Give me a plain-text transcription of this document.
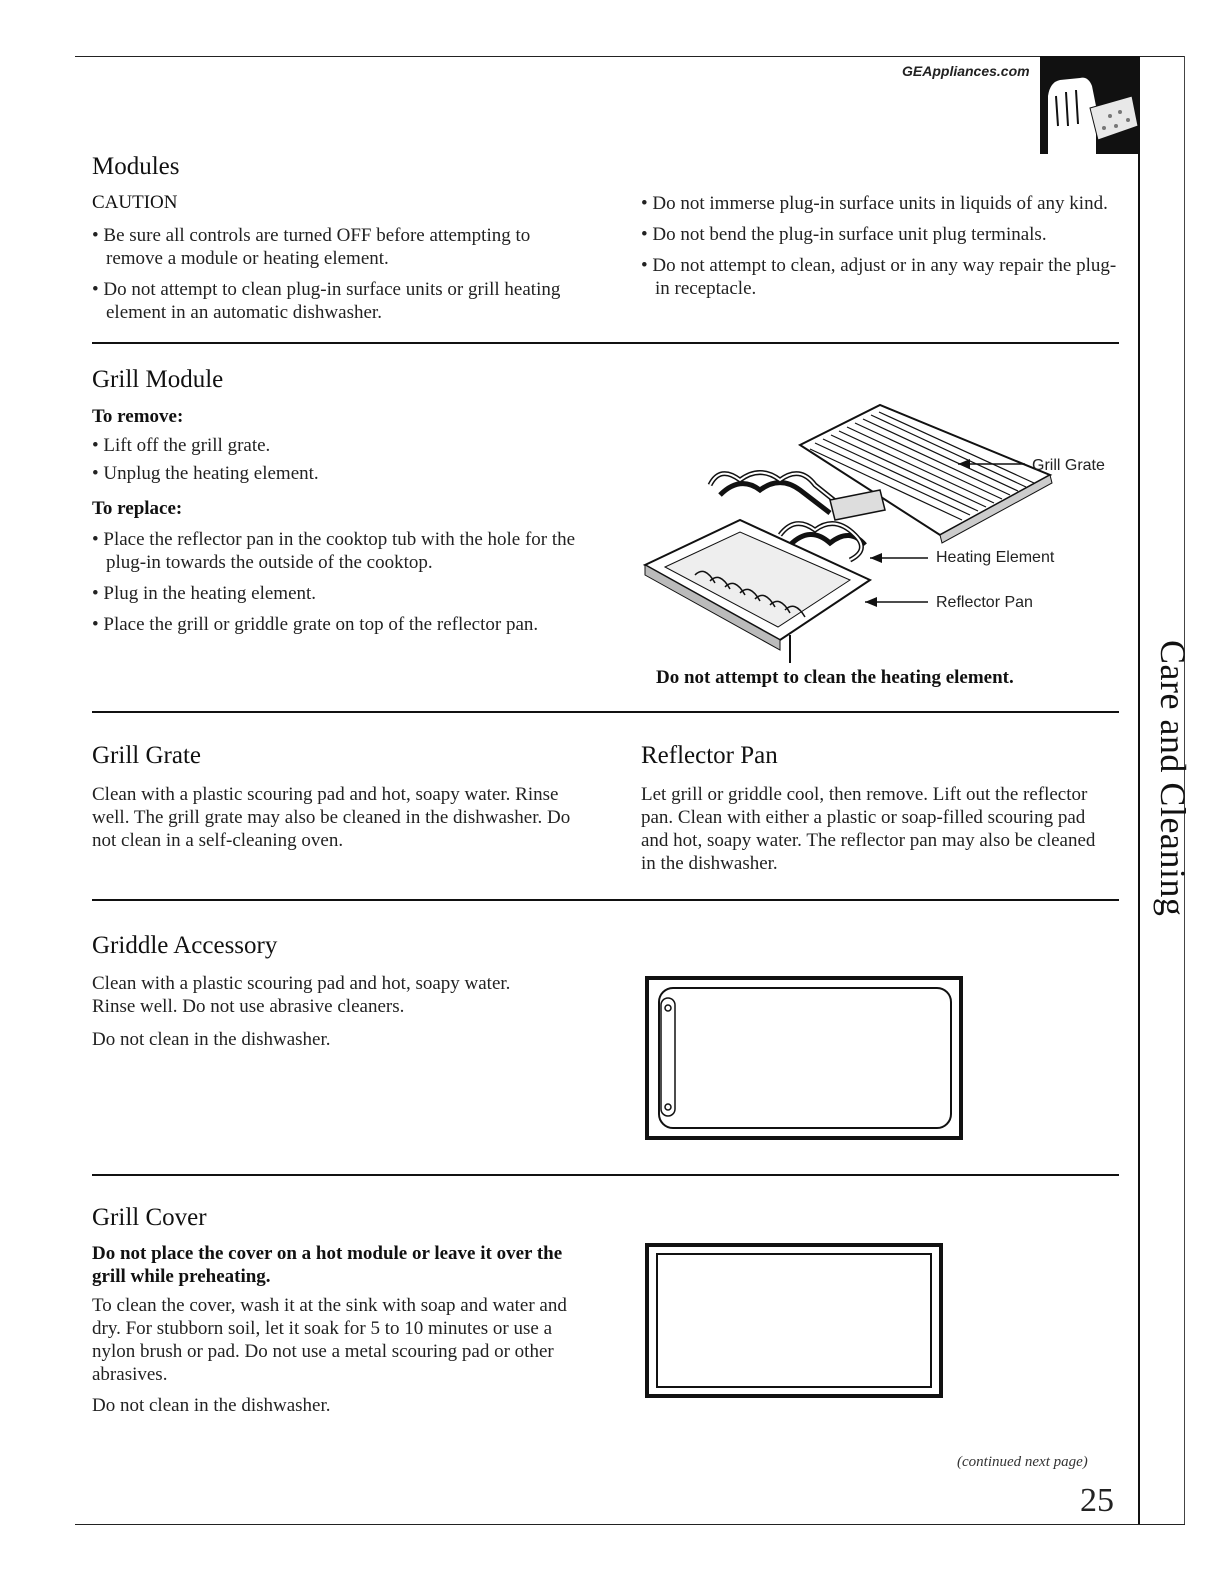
GEAppliances.com
Care and Cleaning
Modules
CAUTION
• Be sure all controls are turned OFF before attempting to remove a module or heating element.
• Do not attempt to clean plug-in surface units or grill heating element in an automatic dishwasher.
• Do not immerse plug-in surface units in liquids of any kind.
• Do not bend the plug-in surface unit plug terminals.
• Do not attempt to clean, adjust or in any way repair the plug-in receptacle.
Grill Module
To remove:
• Lift off the grill grate.
• Unplug the heating element.
To replace:
• Place the reflector pan in the cooktop tub with the hole for the plug-in towards the outside of the cooktop.
• Plug in the heating element.
• Place the grill or griddle grate on top of the reflector pan.
Grill Grate
Heating Element
Reflector Pan
Do not attempt to clean the heating element.
Grill Grate

Clean with a plastic scouring pad and hot, soapy water. Rinse well. The grill grate may also be cleaned in the dishwasher. Do not clean in a self-cleaning oven.

Reflector Pan

Let grill or griddle cool, then remove. Lift out the reflector pan. Clean with either a plastic or soap-filled scouring pad and hot, soapy water. The reflector pan may also be cleaned in the dishwasher.

Griddle Accessory

Clean with a plastic scouring pad and hot, soapy water. Rinse well. Do not use abrasive cleaners.

Do not clean in the dishwasher.

Grill Cover

Do not place the cover on a hot module or leave it over the grill while preheating.

To clean the cover, wash it at the sink with soap and water and dry. For stubborn soil, let it soak for 5 to 10 minutes or use a nylon brush or pad. Do not use a metal scouring pad or other abrasives.

Do not clean in the dishwasher.

(continued next page)
25
